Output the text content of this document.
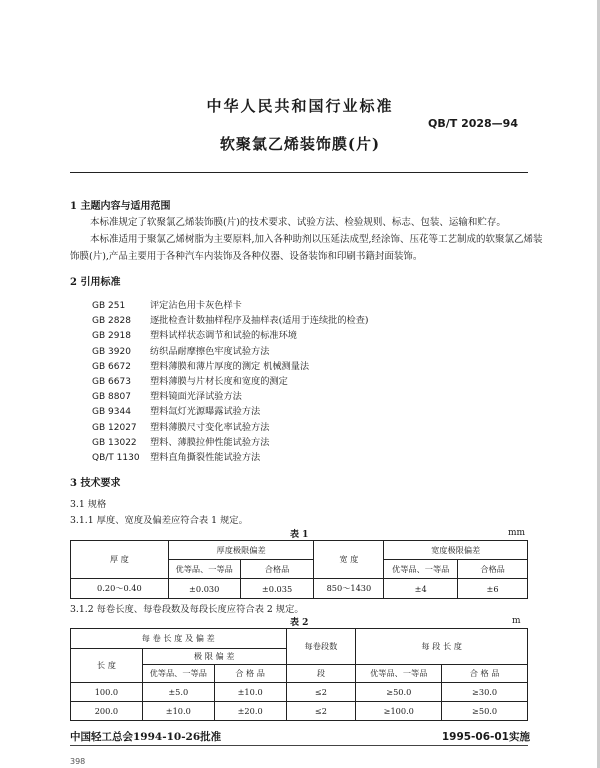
中华人民共和国行业标准
QB/T 2028—94
软聚氯乙烯装饰膜(片)
1 主题内容与适用范围
本标准规定了软聚氯乙烯装饰膜(片)的技术要求、试验方法、检验规则、标志、包装、运输和贮存。
本标准适用于聚氯乙烯树脂为主要原料,加入各种助剂以压延法成型,经涂饰、压花等工艺制成的软聚氯乙烯装饰膜(片),产品主要用于各种汽车内装饰及各种仪器、设备装饰和印刷书籍封面装饰。
2 引用标准
GB 251	评定沾色用卡灰色样卡
GB 2828 逐批检查计数抽样程序及抽样表(适用于连续批的检查)
GB 2918 塑料试样状态调节和试验的标准环境
GB 3920 纺织品耐摩擦色牢度试验方法
GB 6672 塑料薄膜和薄片厚度的测定 机械测量法
GB 6673 塑料薄膜与片材长度和宽度的测定
GB 8807 塑料镜面光泽试验方法
GB 9344 塑料氙灯光源曝露试验方法
GB 12027 塑料薄膜尺寸变化率试验方法
GB 13022 塑料、薄膜拉伸性能试验方法
QB/T 1130 塑料直角撕裂性能试验方法
3 技术要求
3.1 规格
3.1.1 厚度、宽度及偏差应符合表 1 规定。
表 1	mm
厚 度	厚度极限偏差		宽 度	宽度极限偏差	
	优等品、一等品	合格品		优等品、一等品	合格品
0.20～0.40	±0.030	±0.035	850～1430	±4	±6
3.1.2 每卷长度、每卷段数及每段长度应符合表 2 规定。
表 2	m
每 卷 长 度 及 偏 差			每卷段数	每 段 长 度	
长 度	极 限 偏 差				
	优等品、一等品	合 格 品	段	优等品、一等品	合 格 品
100.0	±5.0	±10.0	≤2	≥50.0	≥30.0
200.0	±10.0	±20.0	≤2	≥100.0	≥50.0
中国轻工总会1994-10-26批准	1995-06-01实施
398
